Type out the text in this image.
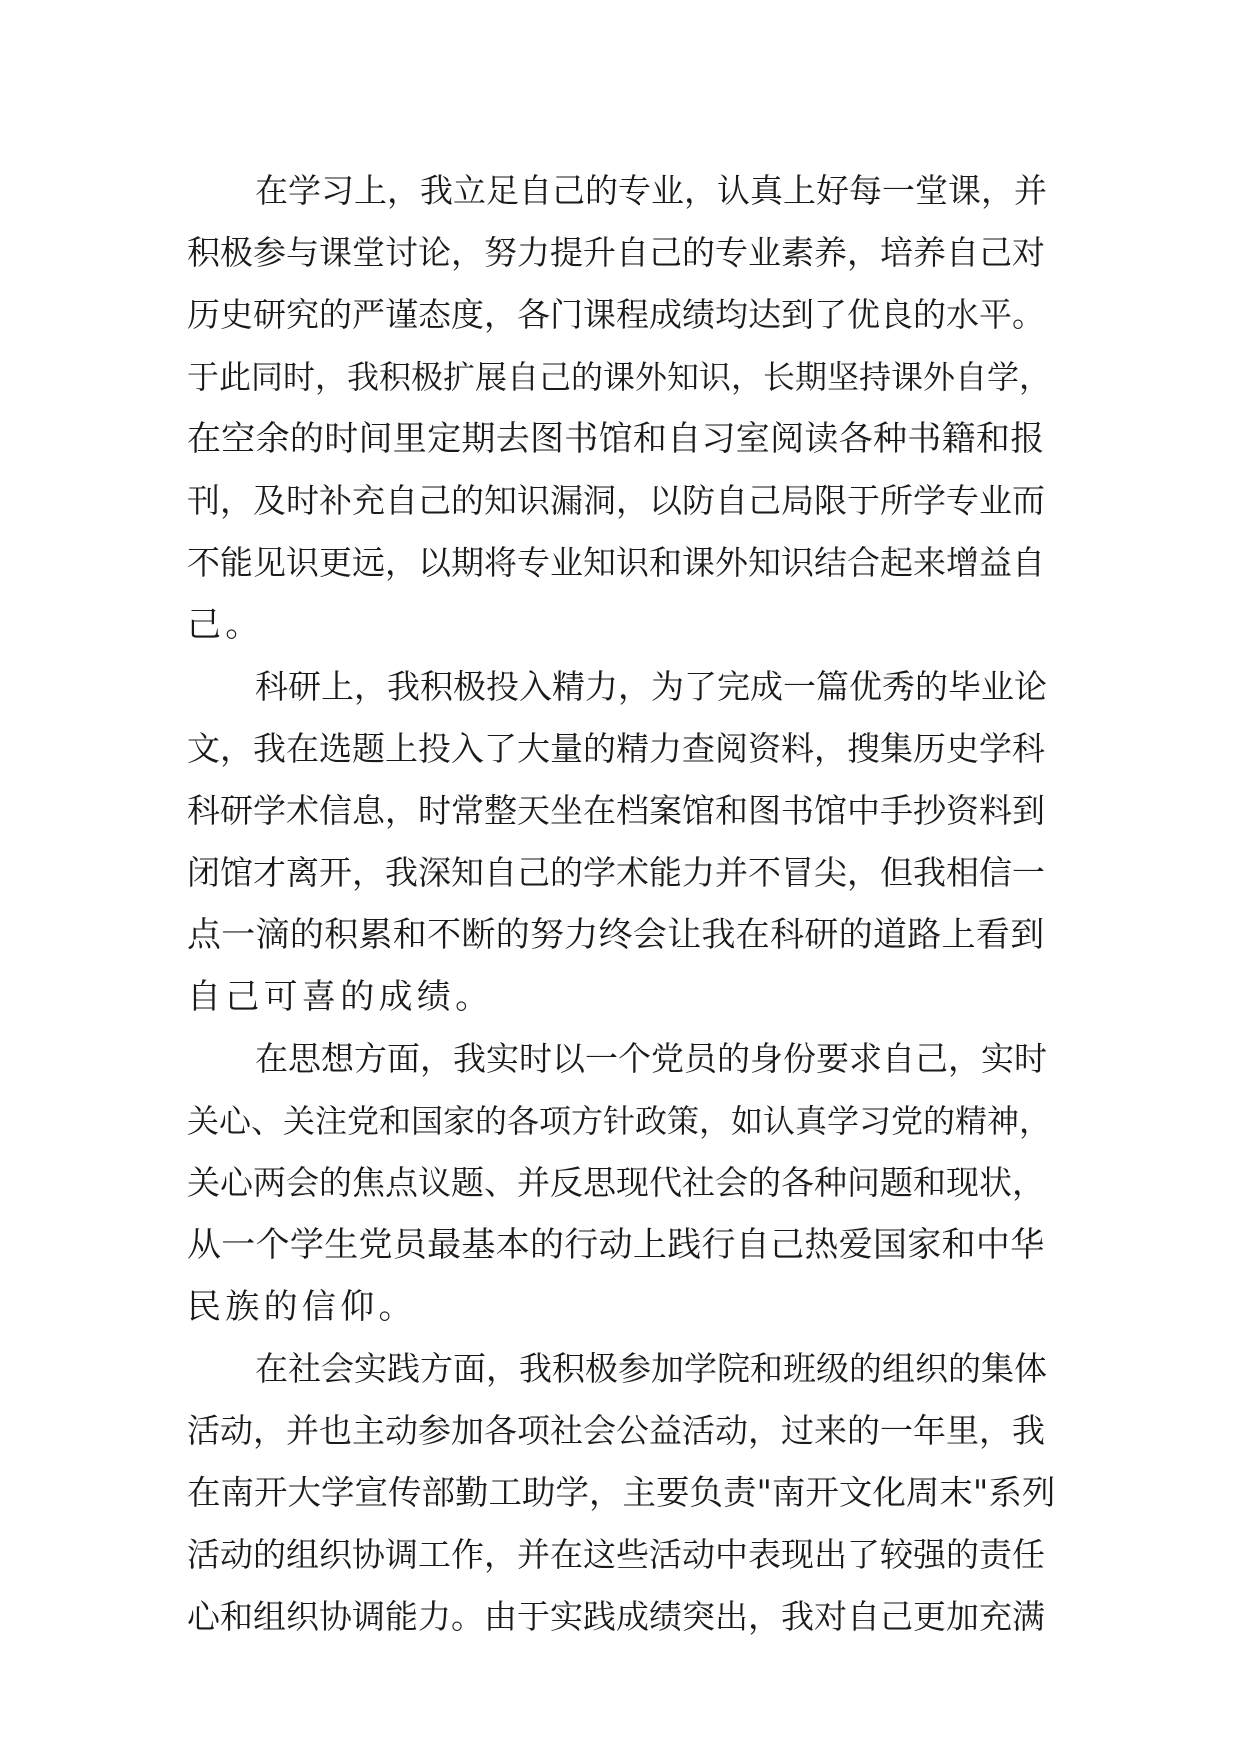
在学习上，我立足自己的专业，认真上好每一堂课，并
积极参与课堂讨论，努力提升自己的专业素养，培养自己对
历史研究的严谨态度，各门课程成绩均达到了优良的水平。
于此同时，我积极扩展自己的课外知识，长期坚持课外自学，
在空余的时间里定期去图书馆和自习室阅读各种书籍和报
刊，及时补充自己的知识漏洞，以防自己局限于所学专业而
不能见识更远，以期将专业知识和课外知识结合起来增益自
己。
科研上，我积极投入精力，为了完成一篇优秀的毕业论
文，我在选题上投入了大量的精力查阅资料，搜集历史学科
科研学术信息，时常整天坐在档案馆和图书馆中手抄资料到
闭馆才离开，我深知自己的学术能力并不冒尖，但我相信一
点一滴的积累和不断的努力终会让我在科研的道路上看到
自己可喜的成绩。
在思想方面，我实时以一个党员的身份要求自己，实时
关心、关注党和国家的各项方针政策，如认真学习党的精神，
关心两会的焦点议题、并反思现代社会的各种问题和现状，
从一个学生党员最基本的行动上践行自己热爱国家和中华
民族的信仰。
在社会实践方面，我积极参加学院和班级的组织的集体
活动，并也主动参加各项社会公益活动，过来的一年里，我
在南开大学宣传部勤工助学，主要负责"南开文化周末"系列
活动的组织协调工作，并在这些活动中表现出了较强的责任
心和组织协调能力。由于实践成绩突出，我对自己更加充满
